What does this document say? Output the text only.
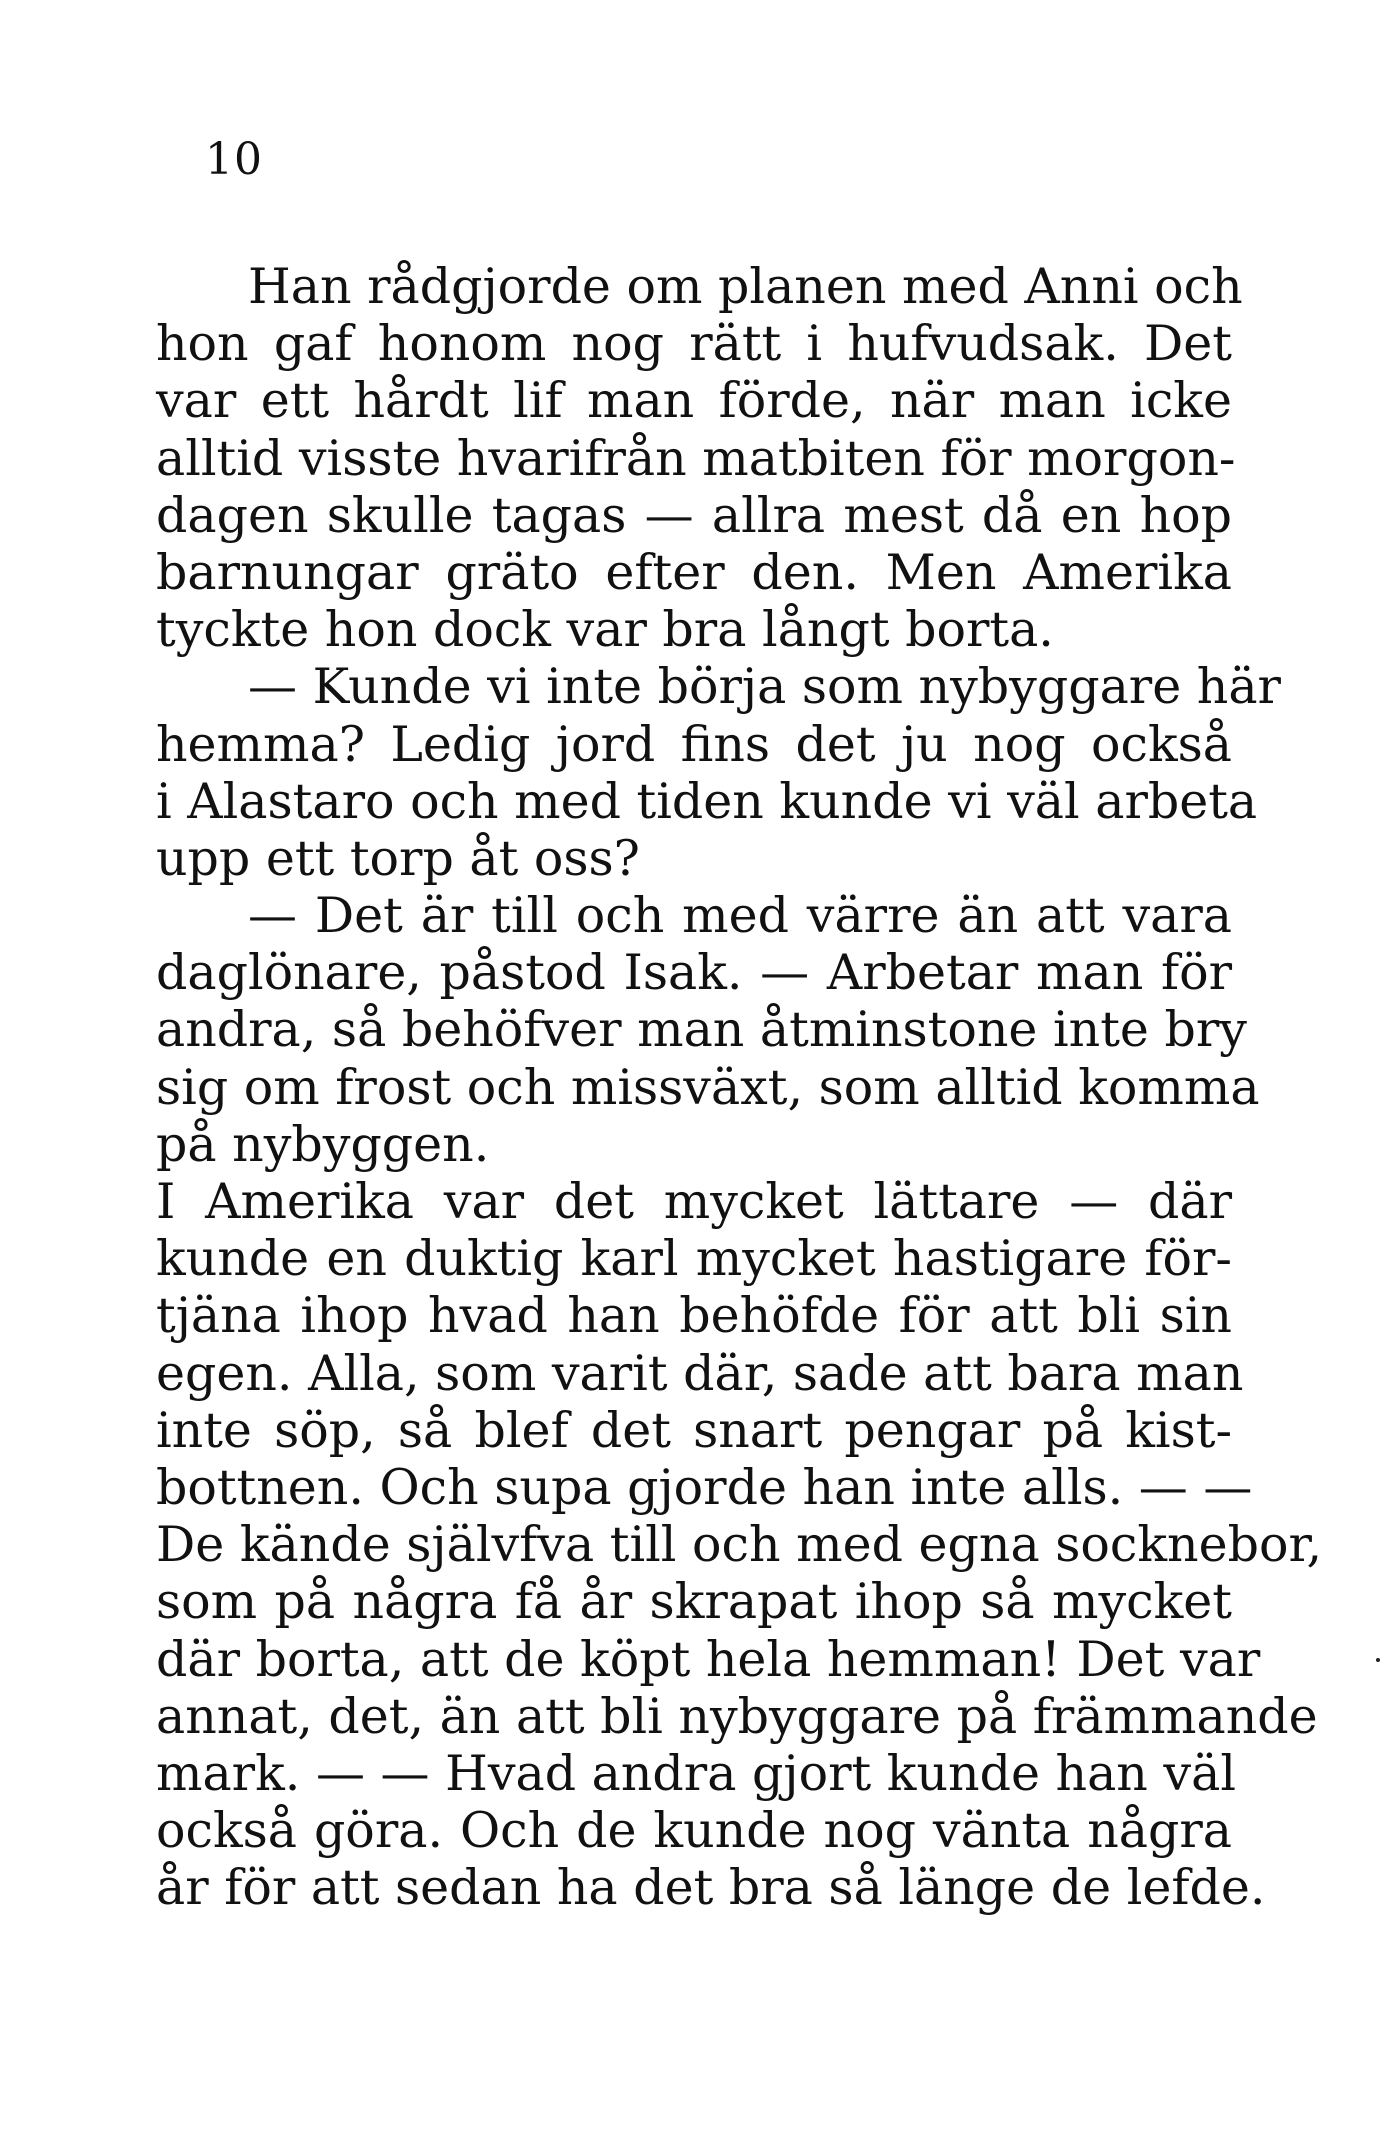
10
Han rådgjorde om planen med Anni och
hon gaf honom nog rätt i hufvudsak. Det
var ett hårdt lif man förde, när man icke
alltid visste hvarifrån matbiten för morgon-
dagen skulle tagas — allra mest då en hop
barnungar gräto efter den. Men Amerika
tyckte hon dock var bra långt borta.
— Kunde vi inte börja som nybyggare här
hemma? Ledig jord fins det ju nog också
i Alastaro och med tiden kunde vi väl arbeta
upp ett torp åt oss?
— Det är till och med värre än att vara
daglönare, påstod Isak. — Arbetar man för
andra, så behöfver man åtminstone inte bry
sig om frost och missväxt, som alltid komma
på nybyggen.
I Amerika var det mycket lättare — där
kunde en duktig karl mycket hastigare för-
tjäna ihop hvad han behöfde för att bli sin
egen. Alla, som varit där, sade att bara man
inte söp, så blef det snart pengar på kist-
bottnen. Och supa gjorde han inte alls. — —
De kände självfva till och med egna socknebor,
som på några få år skrapat ihop så mycket
där borta, att de köpt hela hemman! Det var
annat, det, än att bli nybyggare på främmande
mark. — — Hvad andra gjort kunde han väl
också göra. Och de kunde nog vänta några
år för att sedan ha det bra så länge de lefde.
